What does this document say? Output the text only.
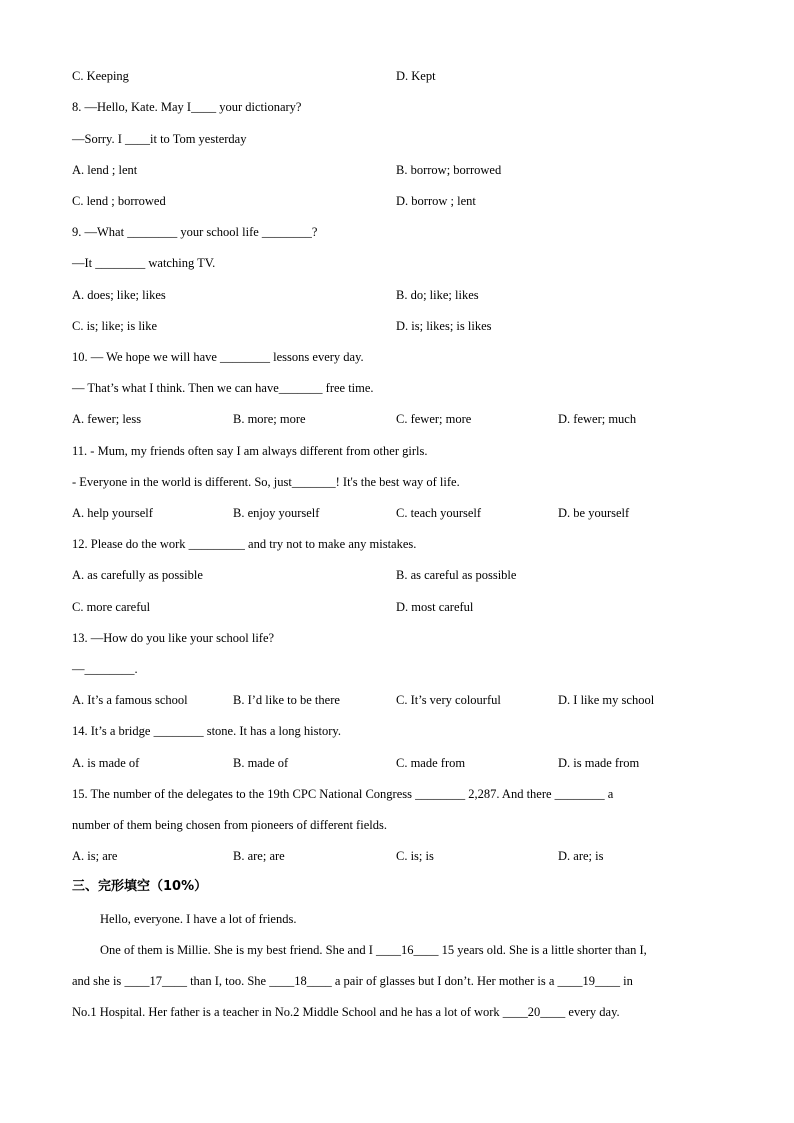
C. Keeping	D. Kept
8. —Hello, Kate. May I____ your dictionary?
—Sorry. I ____it to Tom yesterday
A. lend ; lent	B. borrow; borrowed
C. lend ; borrowed	D. borrow ; lent
9. —What ________ your school life ________?
—It ________ watching TV.
A. does; like; likes	B. do; like; likes
C. is; like; is like	D. is; likes; is likes
10. — We hope we will have ________ lessons every day.
— That’s what I think. Then we can have_______ free time.
A. fewer; less	B. more; more	C. fewer; more	D. fewer; much
11. - Mum, my friends often say I am always different from other girls.
- Everyone in the world is different. So, just_______! It's the best way of life.
A. help yourself	B. enjoy yourself	C. teach yourself	D. be yourself
12. Please do the work _________ and try not to make any mistakes.
A. as carefully as possible	B. as careful as possible
C. more careful	D. most careful
13. —How do you like your school life?
—________.
A. It’s a famous school	B. I’d like to be there	C. It’s very colourful	D. I like my school
14. It’s a bridge ________ stone. It has a long history.
A. is made of	B. made of	C. made from	D. is made from
15. The number of the delegates to the 19th CPC National Congress ________ 2,287. And there ________ a
number of them being chosen from pioneers of different fields.
A. is; are	B. are; are	C. is; is	D. are; is
三、完形填空（10%）
Hello, everyone. I have a lot of friends.
One of them is Millie. She is my best friend. She and I ____16____ 15 years old. She is a little shorter than I,
and she is ____17____ than I, too. She ____18____ a pair of glasses but I don’t. Her mother is a ____19____ in
No.1 Hospital. Her father is a teacher in No.2 Middle School and he has a lot of work ____20____ every day.
